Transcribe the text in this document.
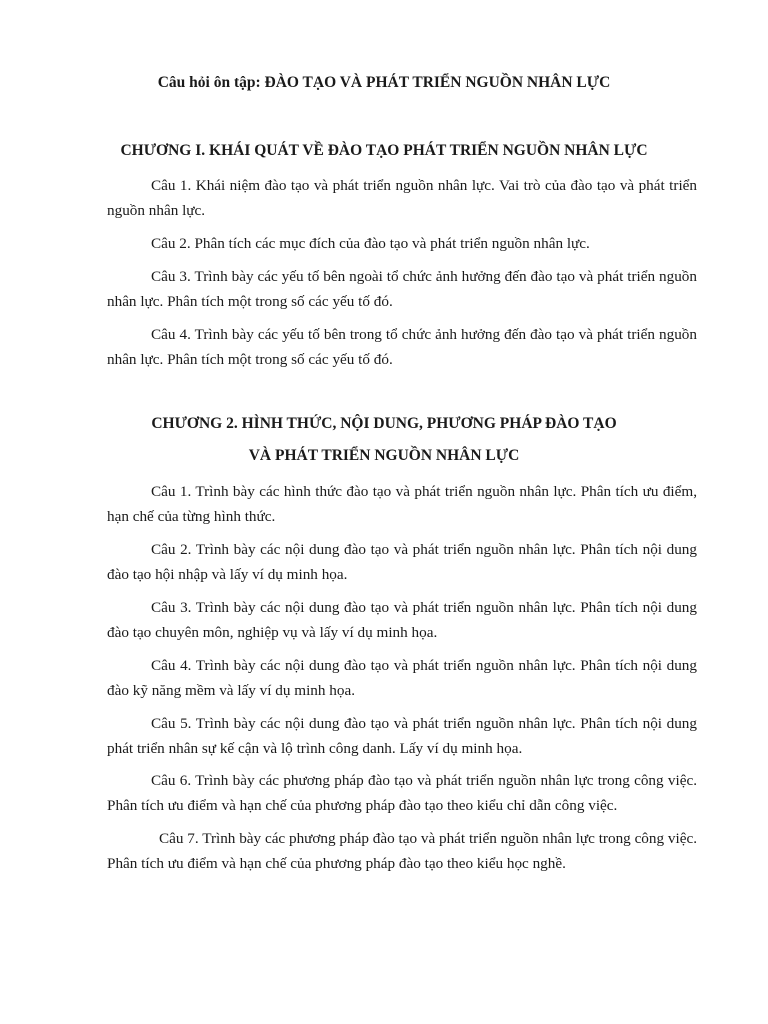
Câu hỏi ôn tập: ĐÀO TẠO VÀ PHÁT TRIỂN NGUỒN NHÂN LỰC
CHƯƠNG I. KHÁI QUÁT VỀ ĐÀO TẠO PHÁT TRIỂN NGUỒN NHÂN LỰC

Câu 1. Khái niệm đào tạo và phát triển nguồn nhân lực. Vai trò của đào tạo và phát triển nguồn nhân lực.

Câu 2. Phân tích các mục đích của đào tạo và phát triển nguồn nhân lực.

Câu 3. Trình bày các yếu tố bên ngoài tổ chức ảnh hưởng đến đào tạo và phát triển nguồn nhân lực. Phân tích một trong số các yếu tố đó.

Câu 4. Trình bày các yếu tố bên trong tổ chức ảnh hưởng đến đào tạo và phát triển nguồn nhân lực. Phân tích một trong số các yếu tố đó.

CHƯƠNG 2. HÌNH THỨC, NỘI DUNG, PHƯƠNG PHÁP ĐÀO TẠO
VÀ PHÁT TRIỂN NGUỒN NHÂN LỰC

Câu 1. Trình bày các hình thức đào tạo và phát triển nguồn nhân lực. Phân tích ưu điểm, hạn chế của từng hình thức.

Câu 2. Trình bày các nội dung đào tạo và phát triển nguồn nhân lực. Phân tích nội dung đào tạo hội nhập và lấy ví dụ minh họa.

Câu 3. Trình bày các nội dung đào tạo và phát triển nguồn nhân lực. Phân tích nội dung đào tạo chuyên môn, nghiệp vụ và lấy ví dụ minh họa.

Câu 4. Trình bày các nội dung đào tạo và phát triển nguồn nhân lực. Phân tích nội dung đào kỹ năng mềm và lấy ví dụ minh họa.

Câu 5. Trình bày các nội dung đào tạo và phát triển nguồn nhân lực. Phân tích nội dung phát triển nhân sự kế cận và lộ trình công danh. Lấy ví dụ minh họa.

Câu 6. Trình bày các phương pháp đào tạo và phát triển nguồn nhân lực trong công việc. Phân tích ưu điểm và hạn chế của phương pháp đào tạo theo kiểu chỉ dẫn công việc.

Câu 7. Trình bày các phương pháp đào tạo và phát triển nguồn nhân lực trong công việc. Phân tích ưu điểm và hạn chế của phương pháp đào tạo theo kiểu học nghề.
